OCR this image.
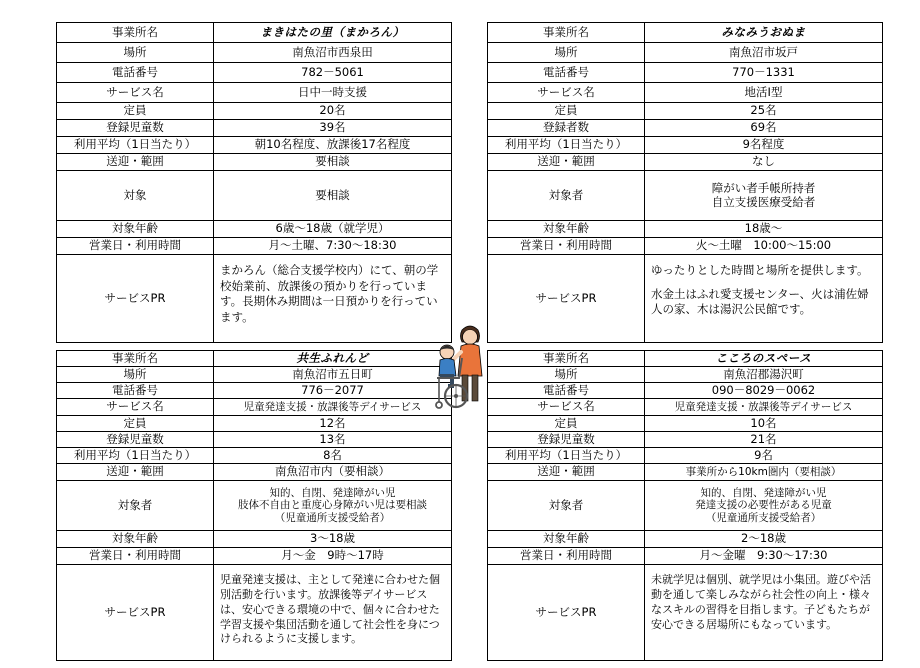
事業所名	まきはたの里（まかろん）
場所	南魚沼市西泉田
電話番号	782－5061
サービス名	日中一時支援
定員	20名
登録児童数	39名
利用平均（1日当たり）	朝10名程度、放課後17名程度
送迎・範囲	要相談
対象	要相談
対象年齢	6歳～18歳（就学児）
営業日・利用時間	月～土曜、7:30～18:30
サービスPR	まかろん（総合支援学校内）にて、朝の学校始業前、放課後の預かりを行っています。長期休み期間は一日預かりを行っています。
事業所名	みなみうおぬま
場所	南魚沼市坂戸
電話番号	770－1331
サービス名	地活Ⅰ型
定員	25名
登録者数	69名
利用平均（1日当たり）	9名程度
送迎・範囲	なし
対象者	障がい者手帳所持者
自立支援医療受給者

対象年齢	18歳～
営業日・利用時間	火～土曜　10:00～15:00
サービスPR	ゆったりとした時間と場所を提供します。
水金土はふれ愛支援センター、火は浦佐婦人の家、木は湯沢公民館です。
事業所名	共生ふれんど
場所	南魚沼市五日町
電話番号	776－2077
サービス名	児童発達支援・放課後等デイサービス
定員	12名
登録児童数	13名
利用平均（1日当たり）	8名
送迎・範囲	南魚沼市内（要相談）
対象者	知的、自閉、発達障がい児
肢体不自由と重度心身障がい児は要相談
（児童通所支援受給者）

対象年齢	3～18歳
営業日・利用時間	月～金　9時～17時
サービスPR	児童発達支援は、主として発達に合わせた個別活動を行います。放課後等デイサービスは、安心できる環境の中で、個々に合わせた学習支援や集団活動を通して社会性を身につけられるように支援します。
事業所名	こころのスペース
場所	南魚沼郡湯沢町
電話番号	090－8029－0062
サービス名	児童発達支援・放課後等デイサービス
定員	10名
登録児童数	21名
利用平均（1日当たり）	9名
送迎・範囲	事業所から10km圏内（要相談）
対象者	知的、自閉、発達障がい児
発達支援の必要性がある児童
（児童通所支援受給者）

対象年齢	2～18歳
営業日・利用時間	月～金曜　9:30～17:30
サービスPR	未就学児は個別、就学児は小集団。遊びや活動を通して楽しみながら社会性の向上・様々なスキルの習得を目指します。子どもたちが安心できる居場所にもなっています。
